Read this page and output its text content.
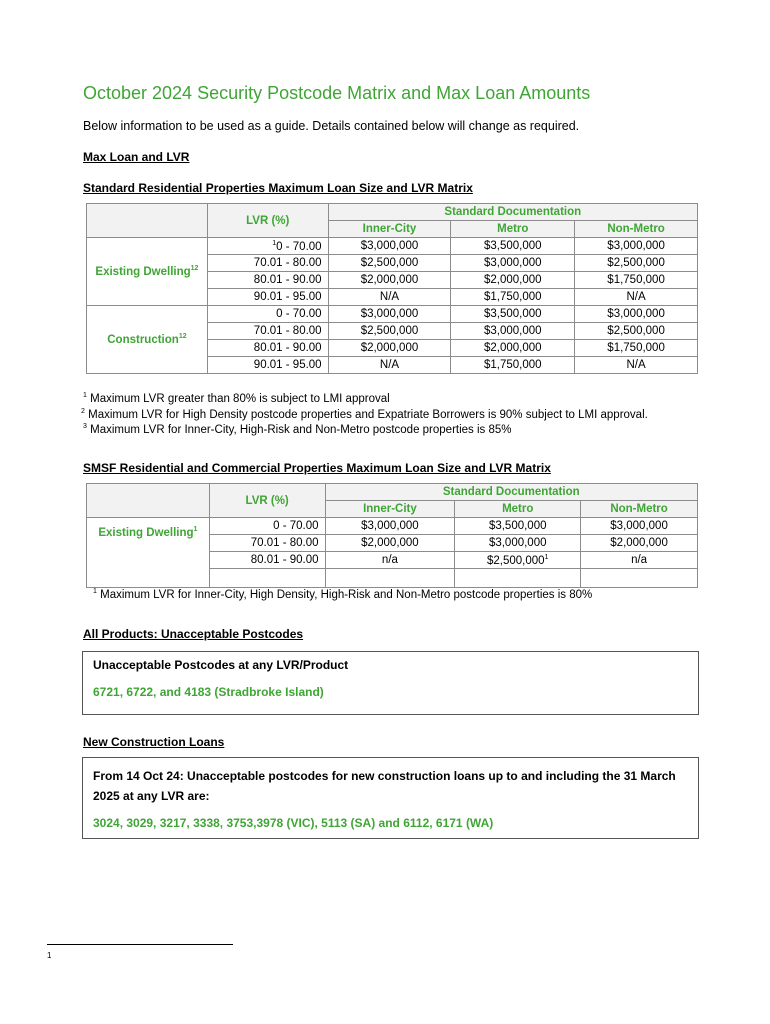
October 2024 Security Postcode Matrix and Max Loan Amounts
Below information to be used as a guide. Details contained below will change as required.
Max Loan and LVR
Standard Residential Properties Maximum Loan Size and LVR Matrix
	LVR (%)	Standard Documentation		
		Inner-City	Metro	Non-Metro
Existing Dwelling$^{12}$	$^1$0 - 70.00	$3,000,000	$3,500,000	$3,000,000
	70.01 - 80.00	$2,500,000	$3,000,000	$2,500,000
	80.01 - 90.00	$2,000,000	$2,000,000	$1,750,000
	90.01 - 95.00	N/A	$1,750,000	N/A
Construction$^{12}$	0 - 70.00	$3,000,000	$3,500,000	$3,000,000
	70.01 - 80.00	$2,500,000	$3,000,000	$2,500,000
	80.01 - 90.00	$2,000,000	$2,000,000	$1,750,000
	90.01 - 95.00	N/A	$1,750,000	N/A
$^1$ Maximum LVR greater than 80% is subject to LMI approval
$^2$ Maximum LVR for High Density postcode properties and Expatriate Borrowers is 90% subject to LMI approval.
$^3$ Maximum LVR for Inner-City, High-Risk and Non-Metro postcode properties is 85%
SMSF Residential and Commercial Properties Maximum Loan Size and LVR Matrix
	LVR (%)	Standard Documentation		
		Inner-City	Metro	Non-Metro
Existing Dwelling$^1$	0 - 70.00	$3,000,000	$3,500,000	$3,000,000
	70.01 - 80.00	$2,000,000	$3,000,000	$2,000,000
	80.01 - 90.00	n/a	$2,500,000$^1$	n/a

$^1$ Maximum LVR for Inner-City, High Density, High-Risk and Non-Metro postcode properties is 80%
All Products: Unacceptable Postcodes
Unacceptable Postcodes at any LVR/Product
6721, 6722, and 4183 (Stradbroke Island)
New Construction Loans
From 14 Oct 24: Unacceptable postcodes for new construction loans up to and including the 31 March 2025 at any LVR are:
3024, 3029, 3217, 3338, 3753,3978 (VIC), 5113 (SA) and 6112, 6171 (WA)
1
